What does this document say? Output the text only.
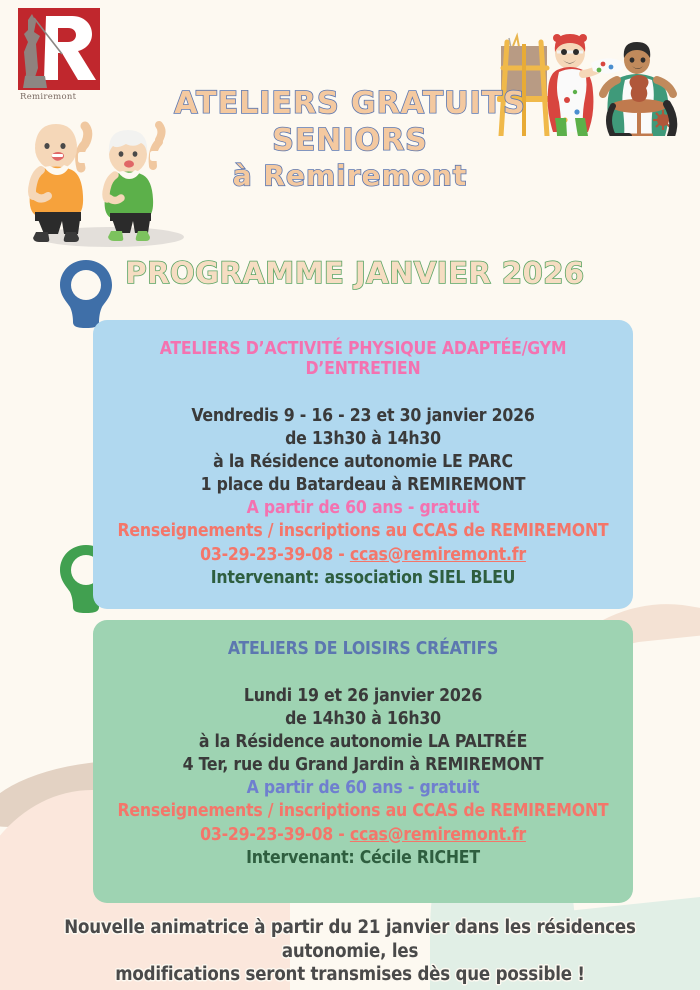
Remiremont	ATELIERS GRATUITS
SENIORS
à Remiremont
PROGRAMME JANVIER 2026

ATELIERS D’ACTIVITÉ PHYSIQUE ADAPTÉE/GYM D’ENTRETIEN

Vendredis 9 - 16 - 23 et 30 janvier 2026

de 13h30 à 14h30

à la Résidence autonomie LE PARC

1 place du Batardeau à REMIREMONT

A partir de 60 ans - gratuit

Renseignements / inscriptions au CCAS de REMIREMONT

03-29-23-39-08 - ccas@remiremont.fr

Intervenant: association SIEL BLEU

ATELIERS DE LOISIRS CRÉATIFS

Lundi 19 et 26 janvier 2026

de 14h30 à 16h30

à la Résidence autonomie LA PALTRÉE

4 Ter, rue du Grand Jardin à REMIREMONT

A partir de 60 ans - gratuit

Renseignements / inscriptions au CCAS de REMIREMONT

03-29-23-39-08 - ccas@remiremont.fr

Intervenant: Cécile RICHET

Nouvelle animatrice à partir du 21 janvier dans les résidences autonomie, les
modifications seront transmises dès que possible !
